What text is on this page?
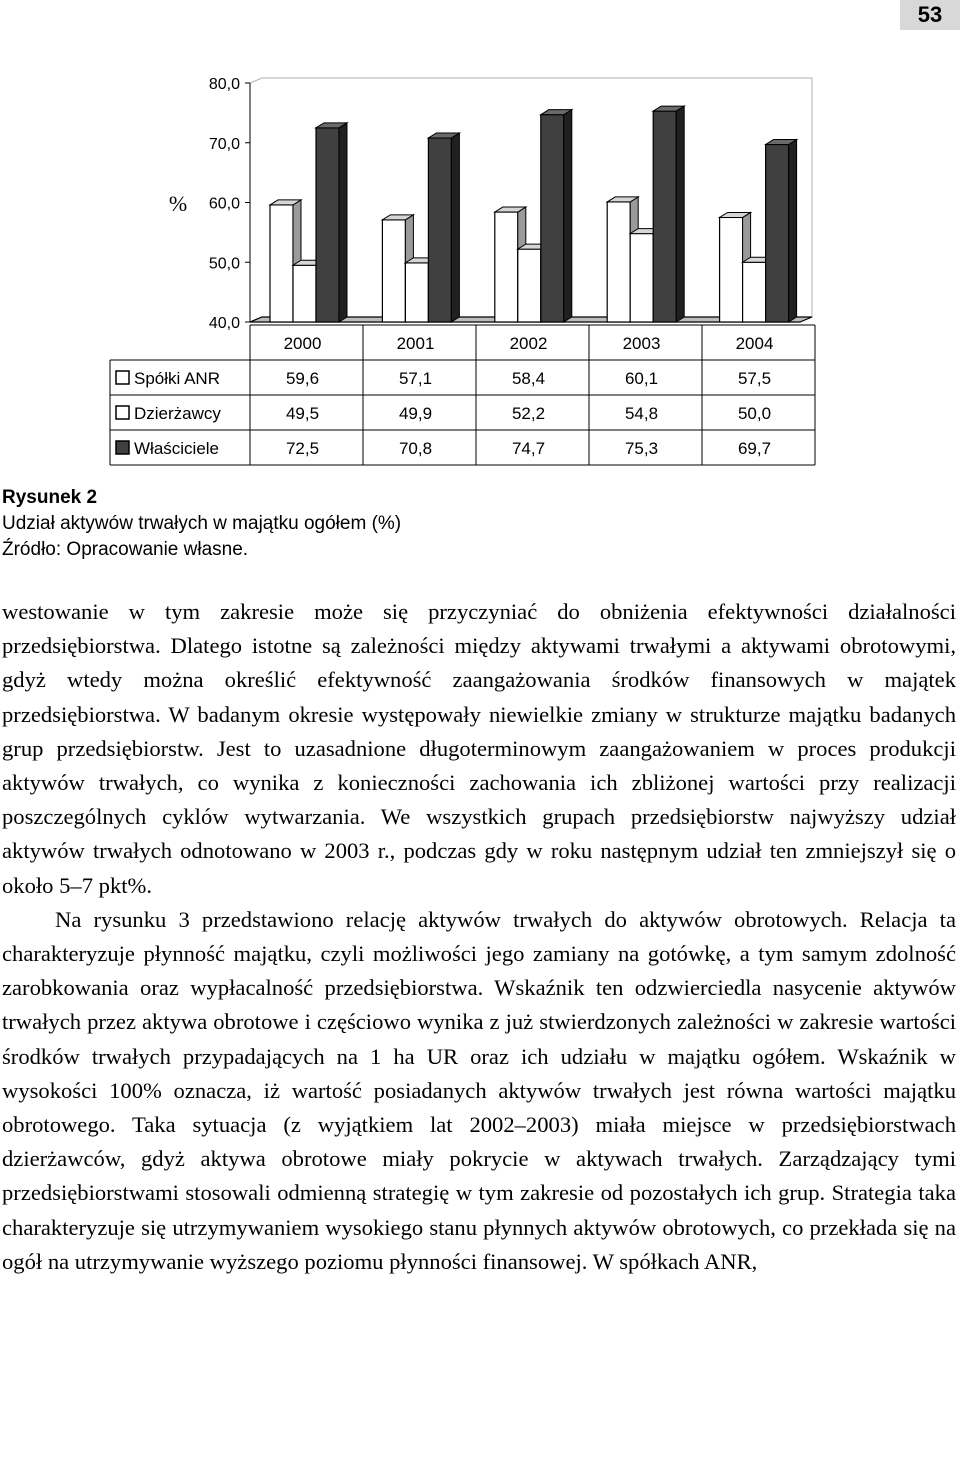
53
80,0
70,0
60,0
50,0
40,0
%
2000	2001	2002	2003	2004
Spółki ANR	59,6	57,1	58,4	60,1	57,5
Dzierżawcy	49,5	49,9	52,2	54,8	50,0
Właściciele	72,5	70,8	74,7	75,3	69,7
Rysunek 2
Udział aktywów trwałych w majątku ogółem (%)
Źródło: Opracowanie własne.

westowanie w tym zakresie może się przyczyniać do obniżenia efektywności działalności przedsiębiorstwa. Dlatego istotne są zależności między aktywami trwałymi a aktywami obrotowymi, gdyż wtedy można określić efektywność zaangażowania środków finansowych w majątek przedsiębiorstwa. W badanym okresie występowały niewielkie zmiany w strukturze majątku badanych grup przedsiębiorstw. Jest to uzasadnione długoterminowym zaangażowaniem w proces produkcji aktywów trwałych, co wynika z konieczności zachowania ich zbliżonej wartości przy realizacji poszczególnych cyklów wytwarzania. We wszystkich grupach przedsiębiorstw najwyższy udział aktywów trwałych odnotowano w 2003 r., podczas gdy w roku następnym udział ten zmniejszył się o około 5–7 pkt%.

Na rysunku 3 przedstawiono relację aktywów trwałych do aktywów obrotowych. Relacja ta charakteryzuje płynność majątku, czyli możliwości jego zamiany na gotówkę, a tym samym zdolność zarobkowania oraz wypłacalność przedsiębiorstwa. Wskaźnik ten odzwierciedla nasycenie aktywów trwałych przez aktywa obrotowe i częściowo wynika z już stwierdzonych zależności w zakresie wartości środków trwałych przypadających na 1 ha UR oraz ich udziału w majątku ogółem. Wskaźnik w wysokości 100% oznacza, iż wartość posiadanych aktywów trwałych jest równa wartości majątku obrotowego. Taka sytuacja (z wyjątkiem lat 2002–2003) miała miejsce w przedsiębiorstwach dzierżawców, gdyż aktywa obrotowe miały pokrycie w aktywach trwałych. Zarządzający tymi przedsiębiorstwami stosowali odmienną strategię w tym zakresie od pozostałych ich grup. Strategia taka charakteryzuje się utrzymywaniem wysokiego stanu płynnych aktywów obrotowych, co przekłada się na ogół na utrzymywanie wyższego poziomu płynności finansowej. W spółkach ANR,
